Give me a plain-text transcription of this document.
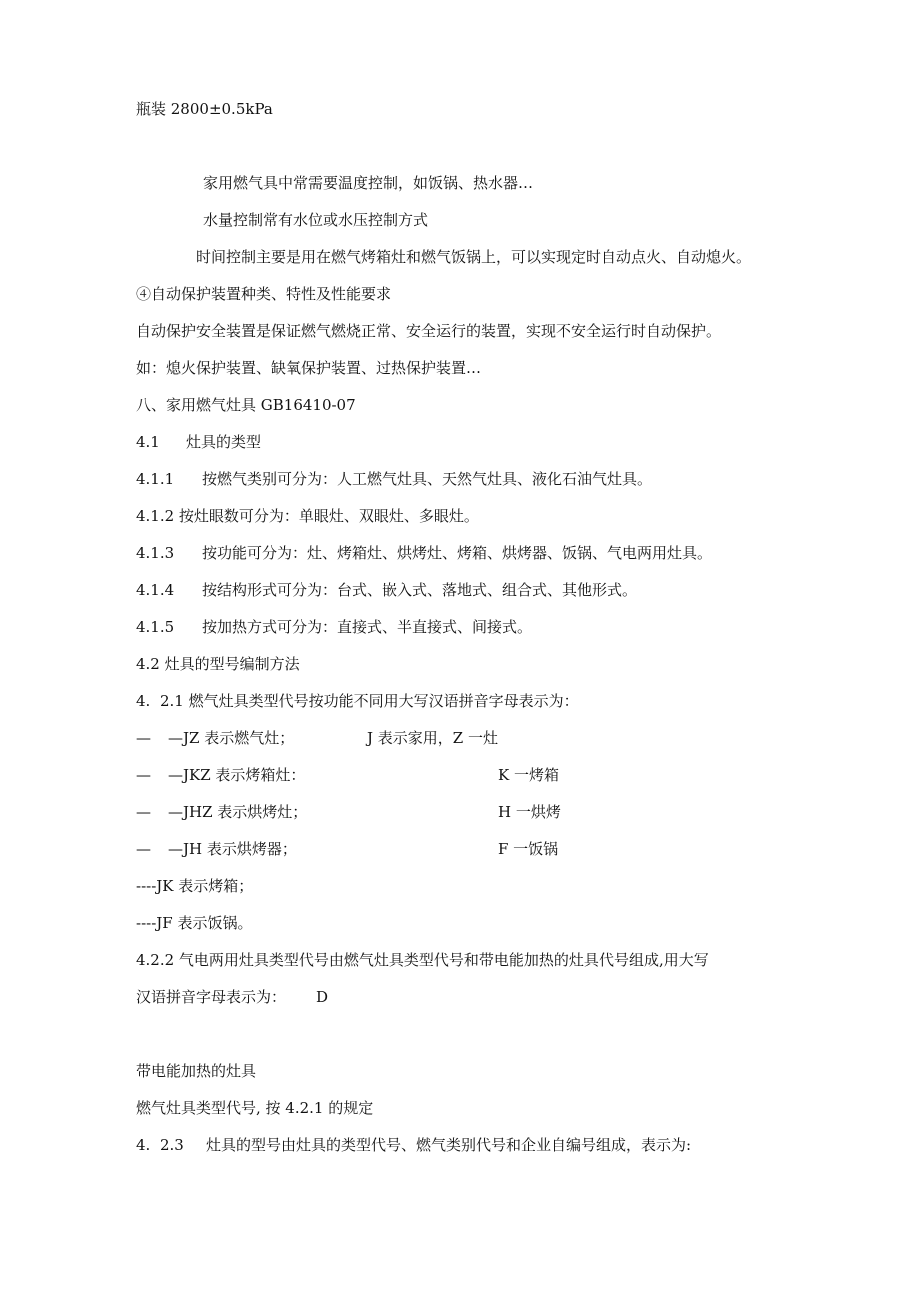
瓶装 2800±0.5kPa
家用燃气具中常需要温度控制，如饭锅、热水器…
水量控制常有水位或水压控制方式
时间控制主要是用在燃气烤箱灶和燃气饭锅上，可以实现定时自动点火、自动熄火。
④自动保护装置种类、特性及性能要求
自动保护安全装置是保证燃气燃烧正常、安全运行的装置，实现不安全运行时自动保护。
如：熄火保护装置、缺氧保护装置、过热保护装置…
八、家用燃气灶具 GB16410-07
4.1 灶具的类型
4.1.1 按燃气类别可分为：人工燃气灶具、天然气灶具、液化石油气灶具。
4.1.2 按灶眼数可分为：单眼灶、双眼灶、多眼灶。
4.1.3 按功能可分为：灶、烤箱灶、烘烤灶、烤箱、烘烤器、饭锅、气电两用灶具。
4.1.4 按结构形式可分为：台式、嵌入式、落地式、组合式、其他形式。
4.1.5 按加热方式可分为：直接式、半直接式、间接式。
4.2 灶具的型号编制方法
4. 2.1 燃气灶具类型代号按功能不同用大写汉语拼音字母表示为：
— —JZ 表示燃气灶；	J 表示家用，Z 一灶
— —JKZ 表示烤箱灶：	K 一烤箱
— —JHZ 表示烘烤灶；	H 一烘烤
— —JH 表示烘烤器；	F 一饭锅
----JK 表示烤箱；
----JF 表示饭锅。
4.2.2 气电两用灶具类型代号由燃气灶具类型代号和带电能加热的灶具代号组成,用大写
汉语拼音字母表示为： D
带电能加热的灶具
燃气灶具类型代号, 按 4.2.1 的规定
4. 2.3 灶具的型号由灶具的类型代号、燃气类别代号和企业自编号组成，表示为:
